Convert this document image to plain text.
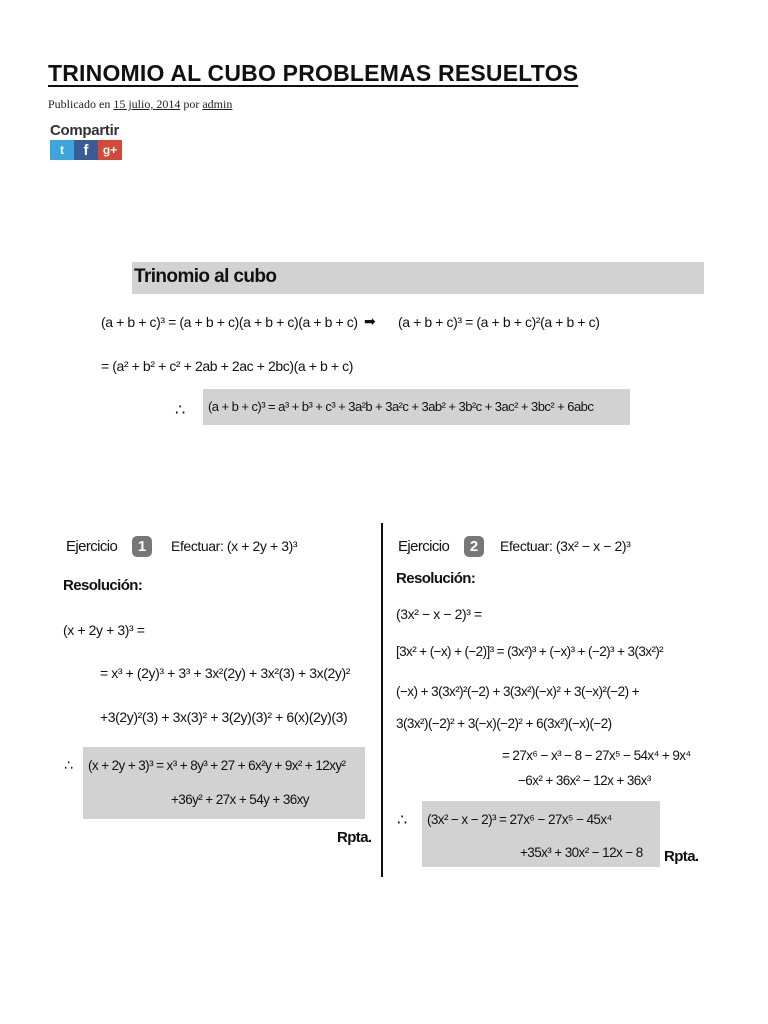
TRINOMIO AL CUBO PROBLEMAS RESUELTOS
Publicado en 15 julio, 2014 por admin
Compartir
t	f	g+
Trinomio al cubo
(a + b + c)³ = (a + b + c)(a + b + c)(a + b + c) ➡ (a + b + c)³ = (a + b + c)²(a + b + c)
= (a² + b² + c² + 2ab + 2ac + 2bc)(a + b + c)
∴ (a + b + c)³ = a³ + b³ + c³ + 3a²b + 3a²c + 3ab² + 3b²c + 3ac² + 3bc² + 6abc
Ejercicio	1	Efectuar: (x + 2y + 3)³
Resolución:
(x + 2y + 3)³ =
= x³ + (2y)³ + 3³ + 3x²(2y) + 3x²(3) + 3x(2y)²
+3(2y)²(3) + 3x(3)² + 3(2y)(3)² + 6(x)(2y)(3)
∴ (x + 2y + 3)³ = x³ + 8y³ + 27 + 6x²y + 9x² + 12xy²
+36y² + 27x + 54y + 36xy
Rpta.
Ejercicio	2	Efectuar: (3x² − x − 2)³
Resolución:
(3x² − x − 2)³ =
[3x² + (−x) + (−2)]³ = (3x²)³ + (−x)³ + (−2)³ + 3(3x²)²
(−x) + 3(3x²)²(−2) + 3(3x²)(−x)² + 3(−x)²(−2) +
3(3x²)(−2)² + 3(−x)(−2)² + 6(3x²)(−x)(−2)
= 27x⁶ − x³ − 8 − 27x⁵ − 54x⁴ + 9x⁴
−6x² + 36x² − 12x + 36x³
∴ (3x² − x − 2)³ = 27x⁶ − 27x⁵ − 45x⁴
+35x³ + 30x² − 12x − 8 Rpta.
